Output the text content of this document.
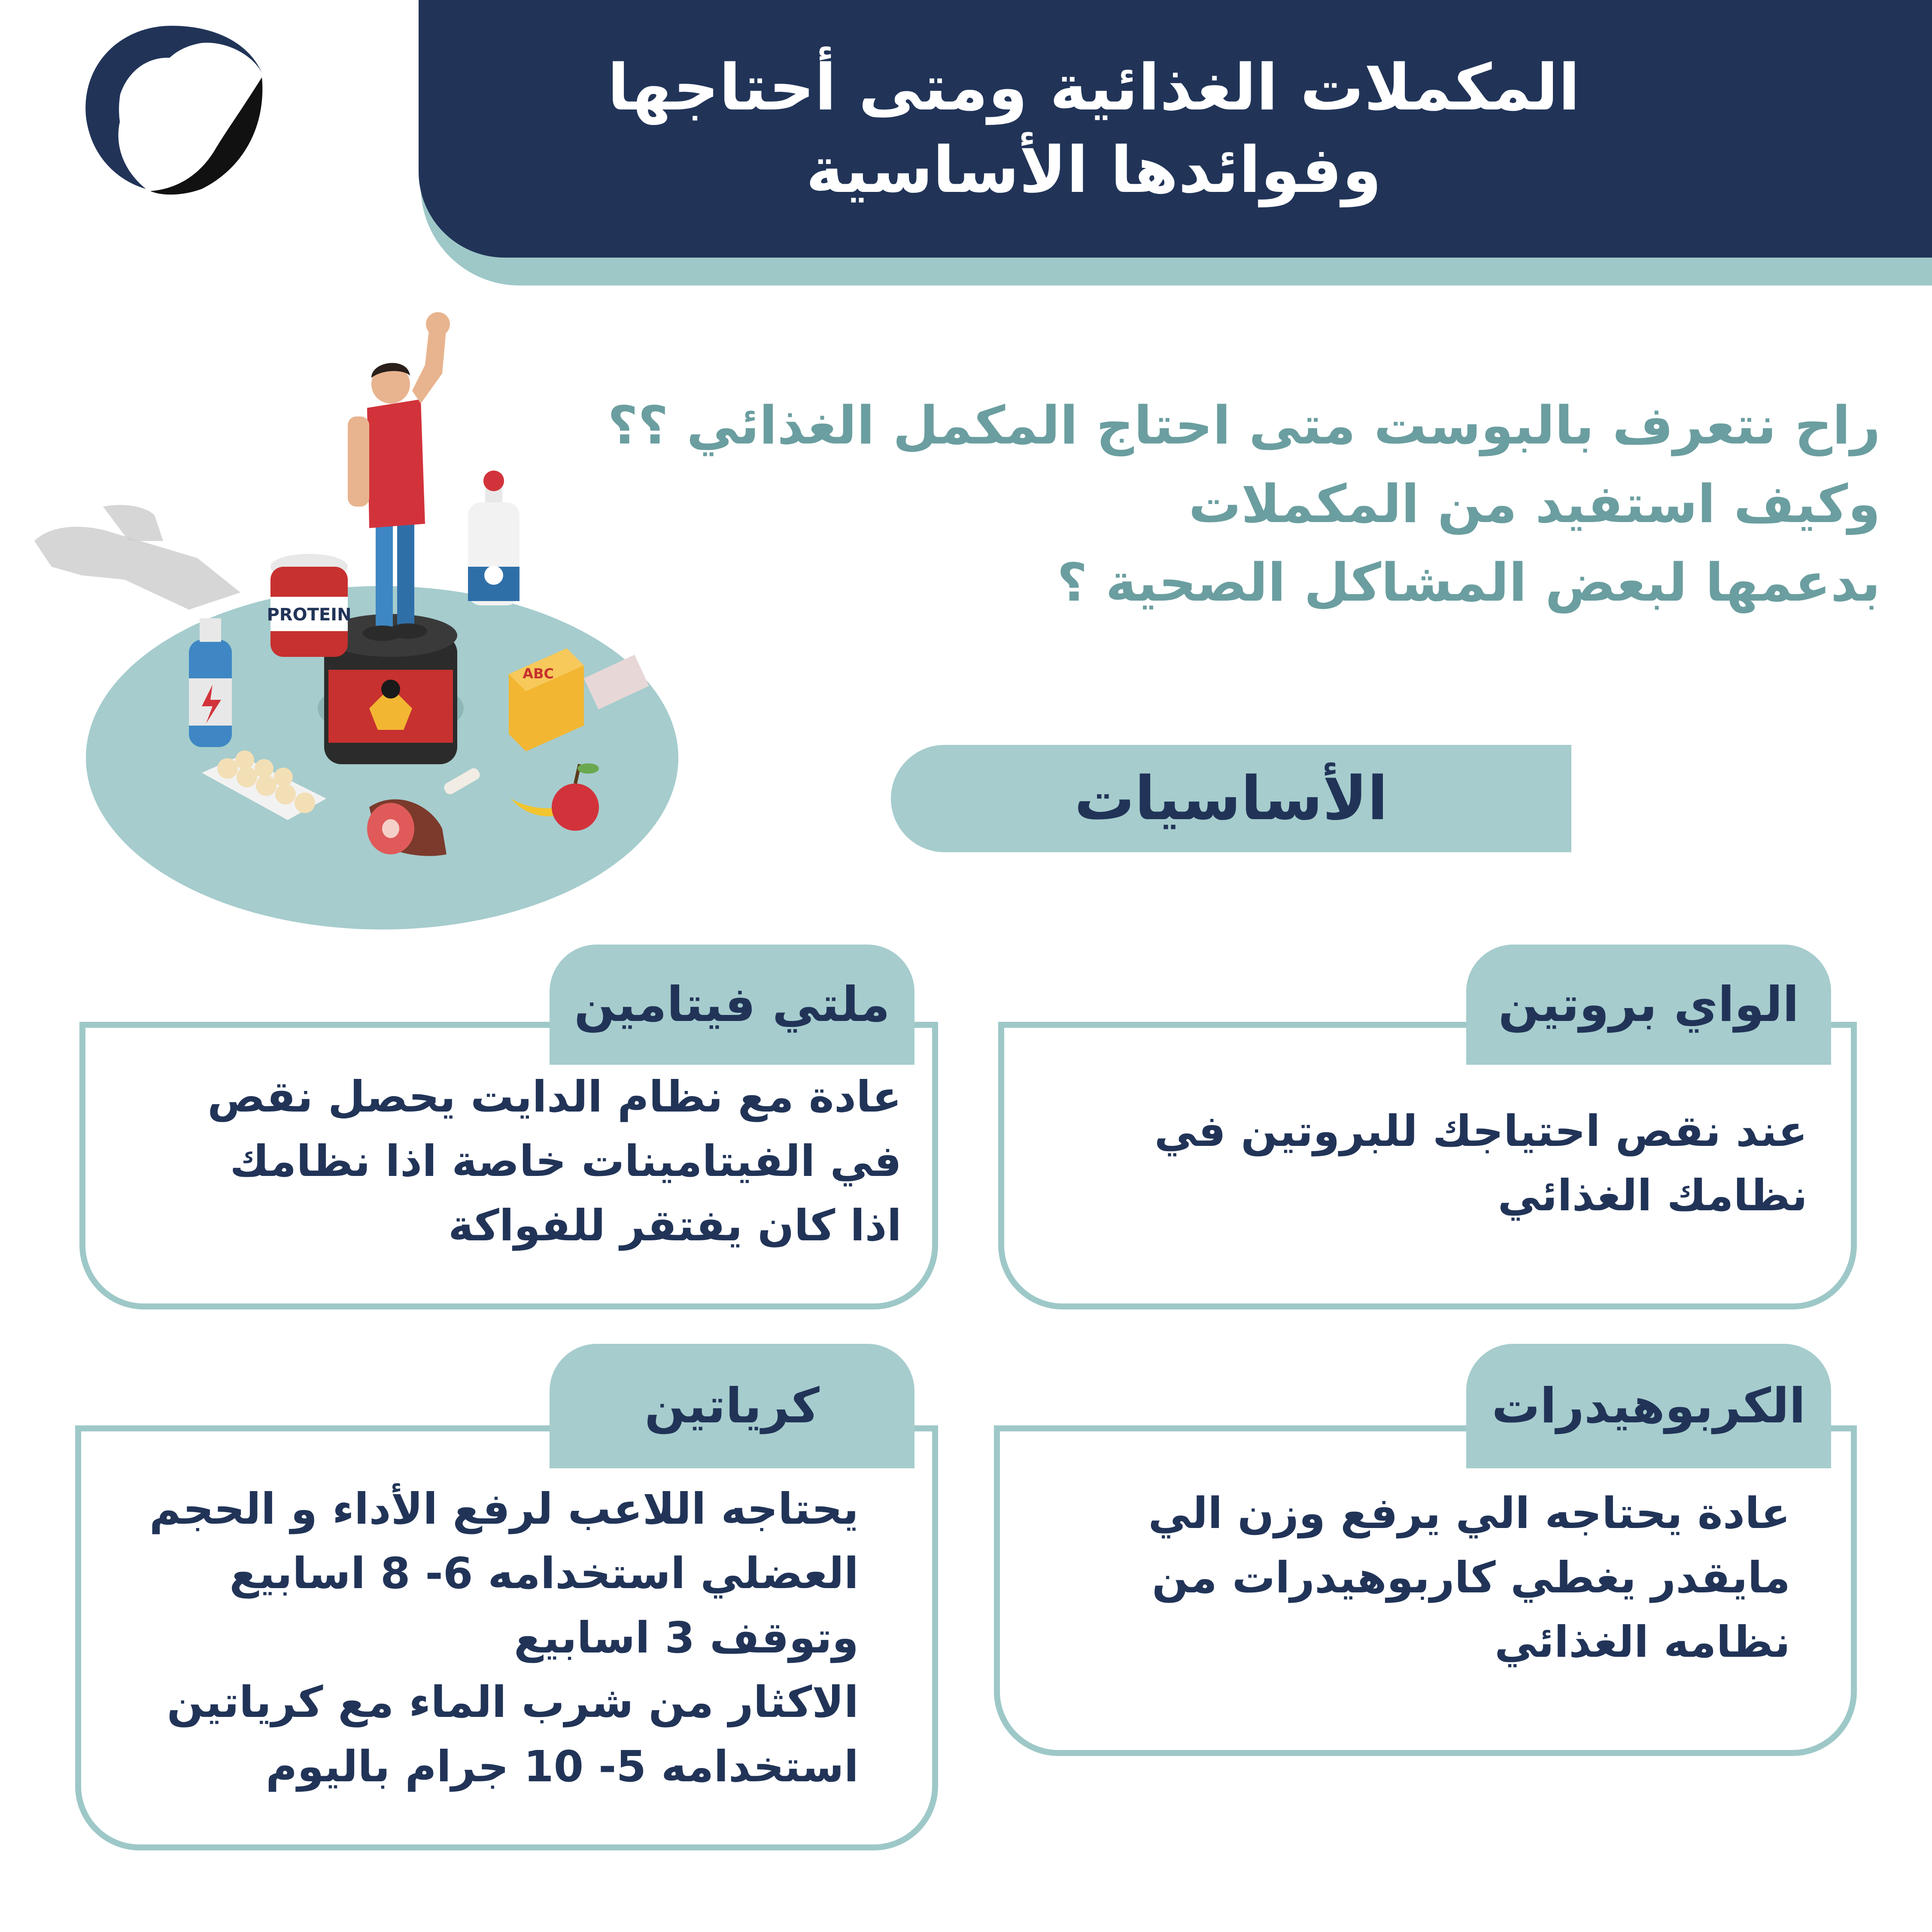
المكملات الغذائية ومتى أحتاجها
وفوائدها الأساسية
راح نتعرف بالبوست متى احتاج المكمل الغذائي ؟؟
وكيف استفيد من المكملات
بدعمها لبعض المشاكل الصحية ؟
PROTEIN
ABC
الأساسيات
الواي بروتين
عند نقص احتياجك للبروتين في
نظامك الغذائي
ملتي فيتامين
عادة مع نظام الدايت يحصل نقص
في الفيتامينات خاصة اذا نظامك
اذا كان يفتقر للفواكة
الكربوهيدرات
عادة يحتاجه الي يرفع وزن الي
مايقدر يغطي كاربوهيدرات من
نظامه الغذائي
كرياتين
يحتاجه اللاعب لرفع الأداء و الحجم
العضلي استخدامه 6- 8 اسابيع
وتوقف 3 اسابيع
الاكثار من شرب الماء مع كرياتين
استخدامه 5- 10 جرام باليوم
